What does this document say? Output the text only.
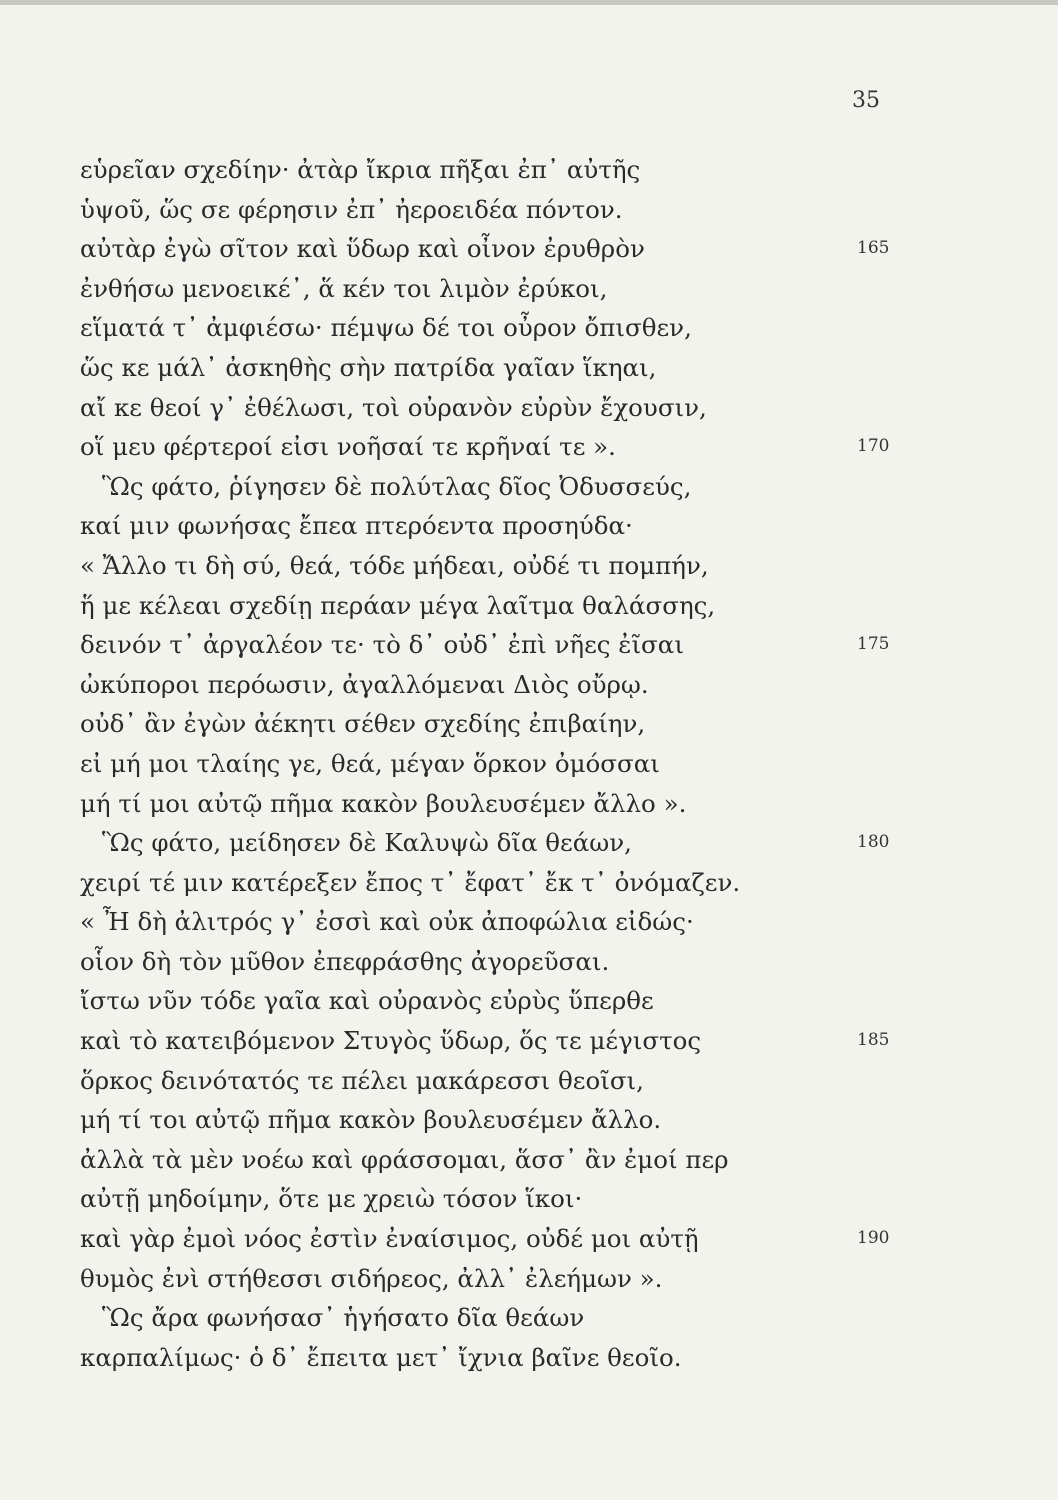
35
εὑρεῖαν σχεδίην· ἀτὰρ ἴκρια πῆξαι ἐπ᾽ αὐτῆς
ὑψοῦ, ὥς σε φέρησιν ἐπ᾽ ἠεροειδέα πόντον.
αὐτὰρ ἐγὼ σῖτον καὶ ὕδωρ καὶ οἶνον ἐρυθρὸν	165
ἐνθήσω μενοεικέ᾽, ἅ κέν τοι λιμὸν ἐρύκοι,
εἵματά τ᾽ ἀμφιέσω· πέμψω δέ τοι οὖρον ὄπισθεν,
ὥς κε μάλ᾽ ἀσκηθὴς σὴν πατρίδα γαῖαν ἵκηαι,
αἴ κε θεοί γ᾽ ἐθέλωσι, τοὶ οὐρανὸν εὐρὺν ἔχουσιν,
οἵ μευ φέρτεροί εἰσι νοῆσαί τε κρῆναί τε ».	170
Ὣς φάτο, ῥίγησεν δὲ πολύτλας δῖος Ὀδυσσεύς,
καί μιν φωνήσας ἔπεα πτερόεντα προσηύδα·
« Ἄλλο τι δὴ σύ, θεά, τόδε μήδεαι, οὐδέ τι πομπήν,
ἥ με κέλεαι σχεδίῃ περάαν μέγα λαῖτμα θαλάσσης,
δεινόν τ᾽ ἀργαλέον τε· τὸ δ᾽ οὐδ᾽ ἐπὶ νῆες ἐῖσαι	175
ὠκύποροι περόωσιν, ἀγαλλόμεναι Διὸς οὔρῳ.
οὐδ᾽ ἂν ἐγὼν ἀέκητι σέθεν σχεδίης ἐπιβαίην,
εἰ μή μοι τλαίης γε, θεά, μέγαν ὅρκον ὀμόσσαι
μή τί μοι αὐτῷ πῆμα κακὸν βουλευσέμεν ἄλλο ».
Ὣς φάτο, μείδησεν δὲ Καλυψὼ δῖα θεάων,	180
χειρί τέ μιν κατέρεξεν ἔπος τ᾽ ἔφατ᾽ ἔκ τ᾽ ὀνόμαζεν.
« Ἦ δὴ ἀλιτρός γ᾽ ἐσσὶ καὶ οὐκ ἀποφώλια εἰδώς·
οἷον δὴ τὸν μῦθον ἐπεφράσθης ἀγορεῦσαι.
ἴστω νῦν τόδε γαῖα καὶ οὐρανὸς εὐρὺς ὕπερθε
καὶ τὸ κατειβόμενον Στυγὸς ὕδωρ, ὅς τε μέγιστος	185
ὅρκος δεινότατός τε πέλει μακάρεσσι θεοῖσι,
μή τί τοι αὐτῷ πῆμα κακὸν βουλευσέμεν ἄλλο.
ἀλλὰ τὰ μὲν νοέω καὶ φράσσομαι, ἅσσ᾽ ἂν ἐμοί περ
αὐτῇ μηδοίμην, ὅτε με χρειὼ τόσον ἵκοι·
καὶ γὰρ ἐμοὶ νόος ἐστὶν ἐναίσιμος, οὐδέ μοι αὐτῇ	190
θυμὸς ἐνὶ στήθεσσι σιδήρεος, ἀλλ᾽ ἐλεήμων ».
Ὣς ἄρα φωνήσασ᾽ ἡγήσατο δῖα θεάων
καρπαλίμως· ὁ δ᾽ ἔπειτα μετ᾽ ἴχνια βαῖνε θεοῖο.
